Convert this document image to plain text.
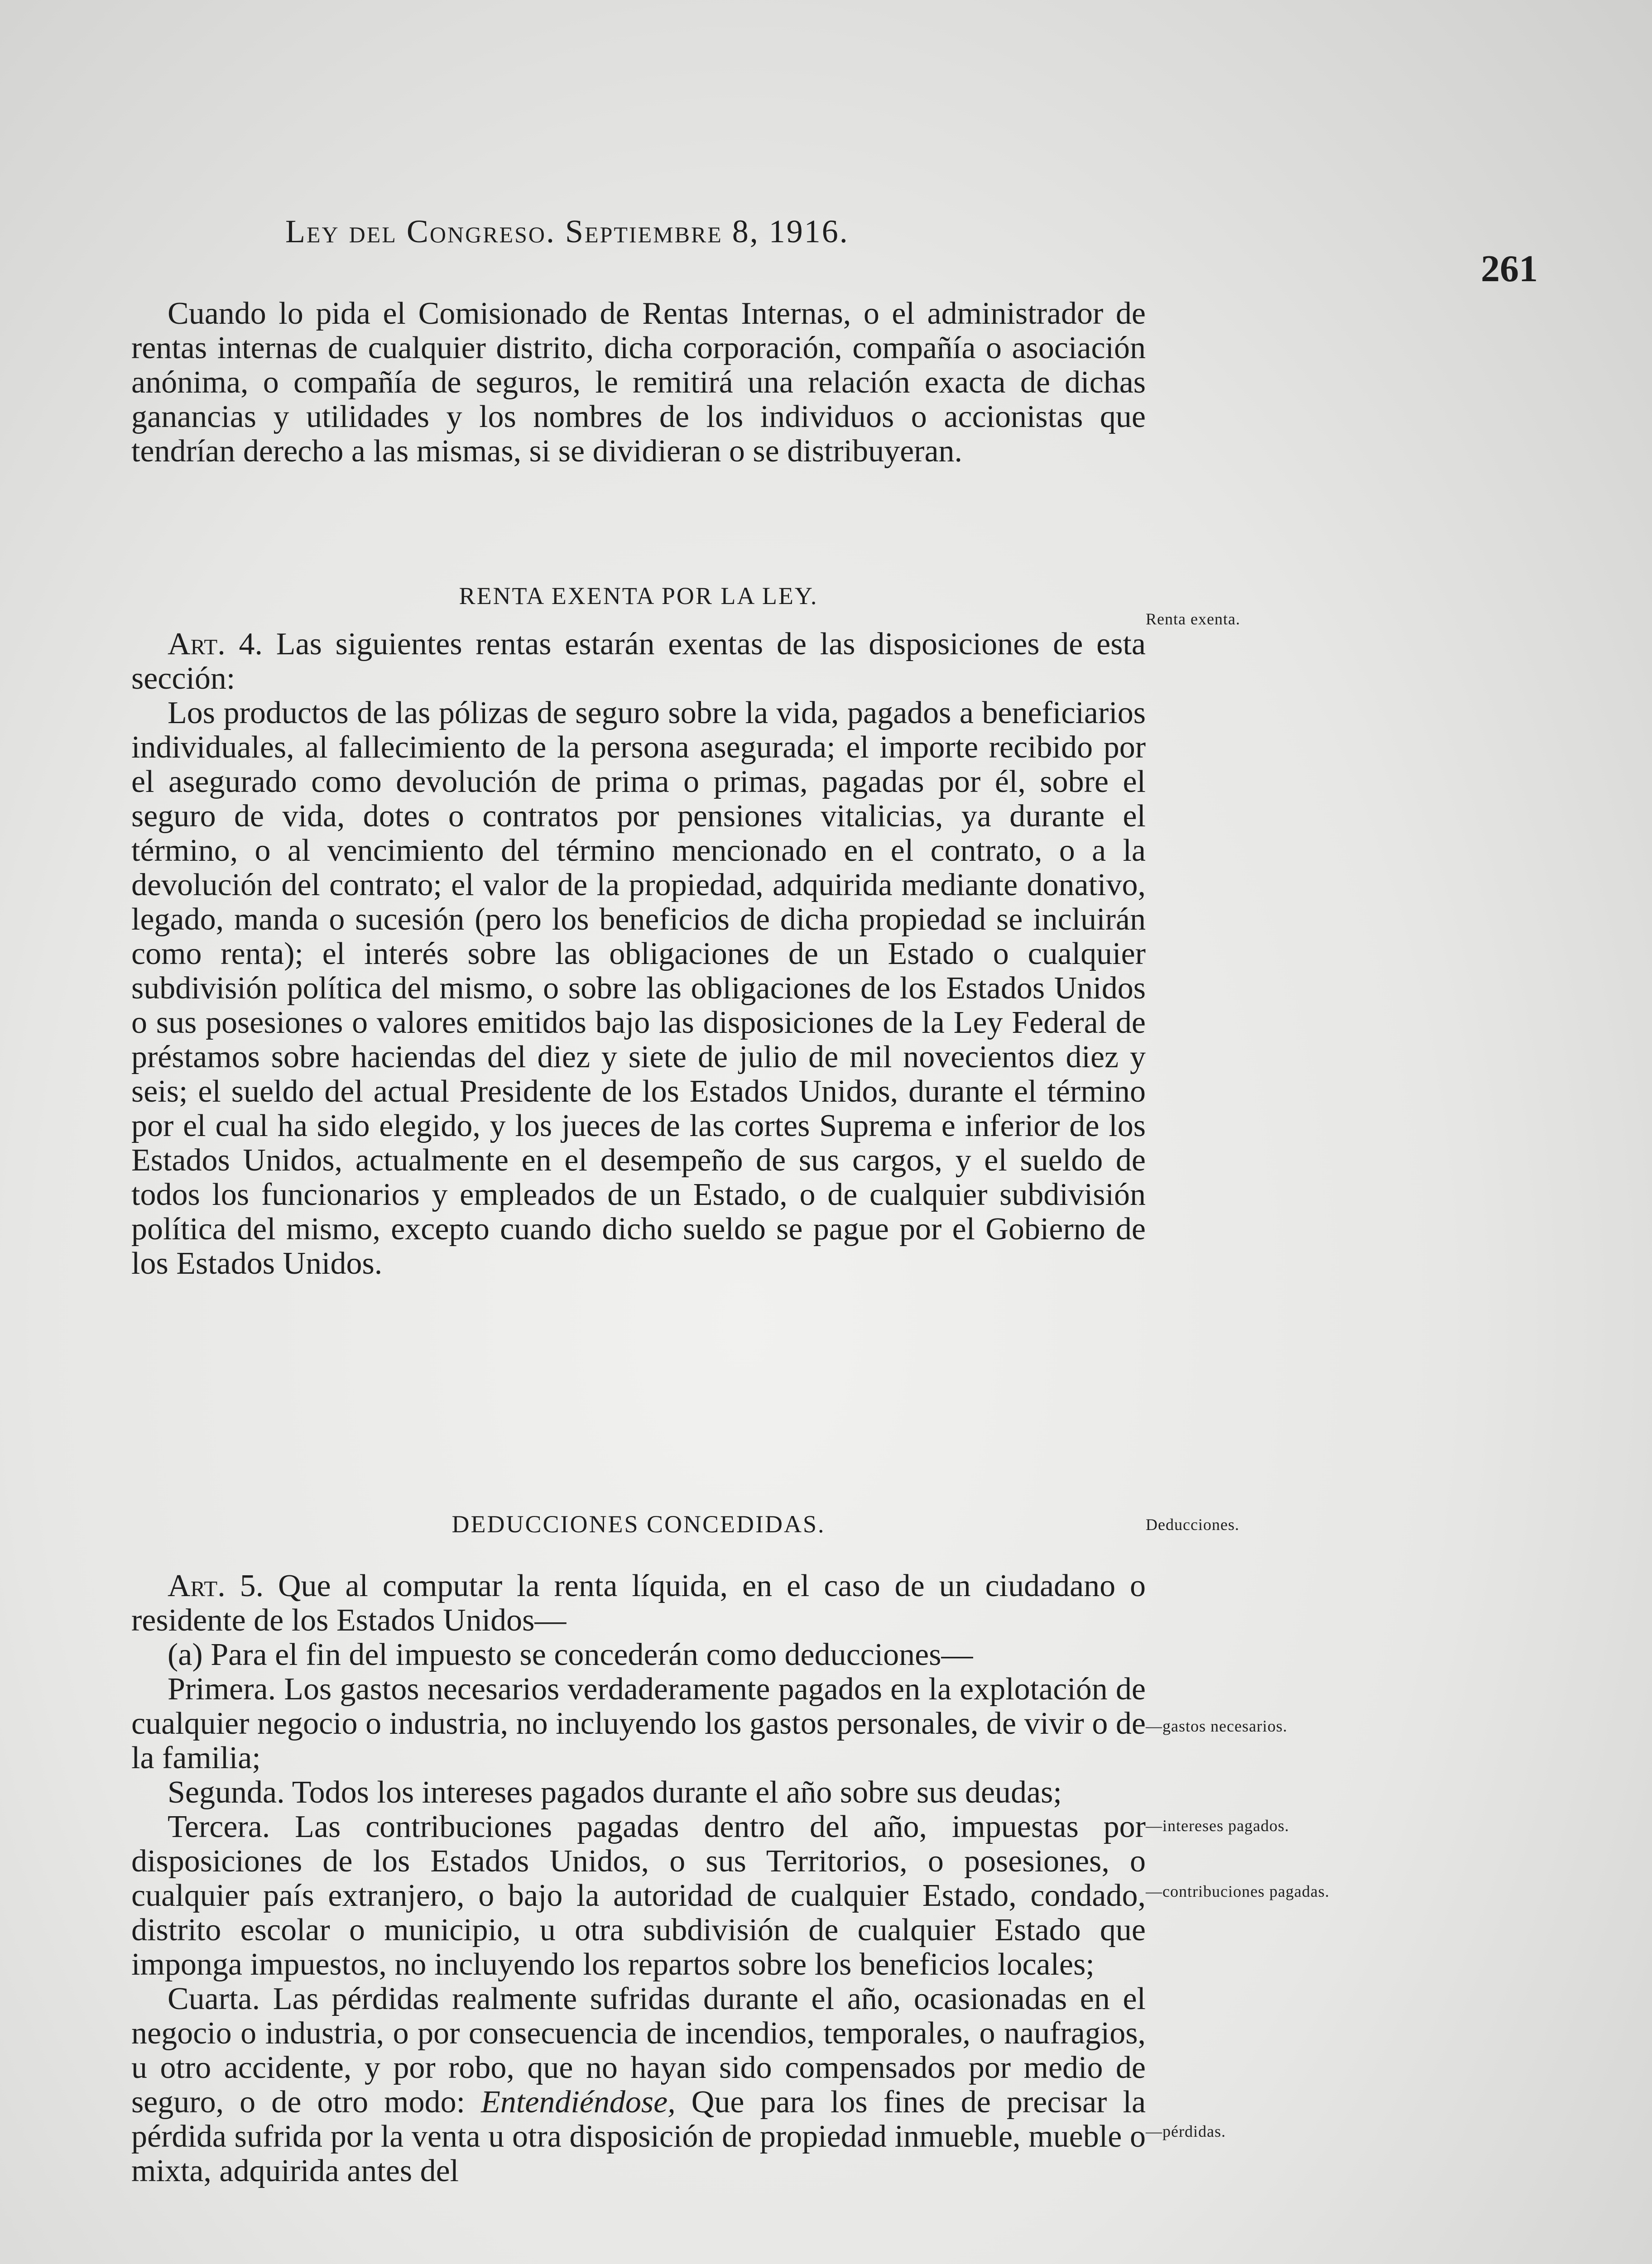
Ley del Congreso. Septiembre 8, 1916.
261

Cuando lo pida el Comisionado de Rentas Internas, o el administrador de rentas internas de cualquier distrito, dicha corporación, compañía o asociación anónima, o compañía de seguros, le remitirá una relación exacta de dichas ganancias y utilidades y los nombres de los individuos o accionistas que tendrían derecho a las mismas, si se dividieran o se distribuyeran.

RENTA EXENTA POR LA LEY.
Renta exenta.

Art. 4. Las siguientes rentas estarán exentas de las disposiciones de esta sección:

Los productos de las pólizas de seguro sobre la vida, pagados a beneficiarios individuales, al fallecimiento de la persona asegurada; el importe recibido por el asegurado como devolución de prima o primas, pagadas por él, sobre el seguro de vida, dotes o contratos por pensiones vitalicias, ya durante el término, o al vencimiento del término mencionado en el contrato, o a la devolución del contrato; el valor de la propiedad, adquirida mediante donativo, legado, manda o sucesión (pero los beneficios de dicha propiedad se incluirán como renta); el interés sobre las obligaciones de un Estado o cualquier subdivisión política del mismo, o sobre las obligaciones de los Estados Unidos o sus posesiones o valores emitidos bajo las disposiciones de la Ley Federal de préstamos sobre haciendas del diez y siete de julio de mil novecientos diez y seis; el sueldo del actual Presidente de los Estados Unidos, durante el término por el cual ha sido elegido, y los jueces de las cortes Suprema e inferior de los Estados Unidos, actualmente en el desempeño de sus cargos, y el sueldo de todos los funcionarios y empleados de un Estado, o de cualquier subdivisión política del mismo, excepto cuando dicho sueldo se pague por el Gobierno de los Estados Unidos.

DEDUCCIONES CONCEDIDAS.	Deducciones.

Art. 5. Que al computar la renta líquida, en el caso de un ciudadano o residente de los Estados Unidos—

(a) Para el fin del impuesto se concederán como deducciones—

Primera. Los gastos necesarios verdaderamente pagados en la explotación de cualquier negocio o industria, no incluyendo los gastos personales, de vivir o de la familia;

Segunda. Todos los intereses pagados durante el año sobre sus deudas;

Tercera. Las contribuciones pagadas dentro del año, impuestas por disposiciones de los Estados Unidos, o sus Territorios, o posesiones, o cualquier país extranjero, o bajo la autoridad de cualquier Estado, condado, distrito escolar o municipio, u otra subdivisión de cualquier Estado que imponga impuestos, no incluyendo los repartos sobre los beneficios locales;

Cuarta. Las pérdidas realmente sufridas durante el año, ocasionadas en el negocio o industria, o por consecuencia de incendios, temporales, o naufragios, u otro accidente, y por robo, que no hayan sido compensados por medio de seguro, o de otro modo: Entendiéndose, Que para los fines de precisar la pérdida sufrida por la venta u otra disposición de propiedad inmueble, mueble o mixta, adquirida antes del

—gastos necesarios.
—intereses pagados.
—contribuciones pagadas.
—pérdidas.
